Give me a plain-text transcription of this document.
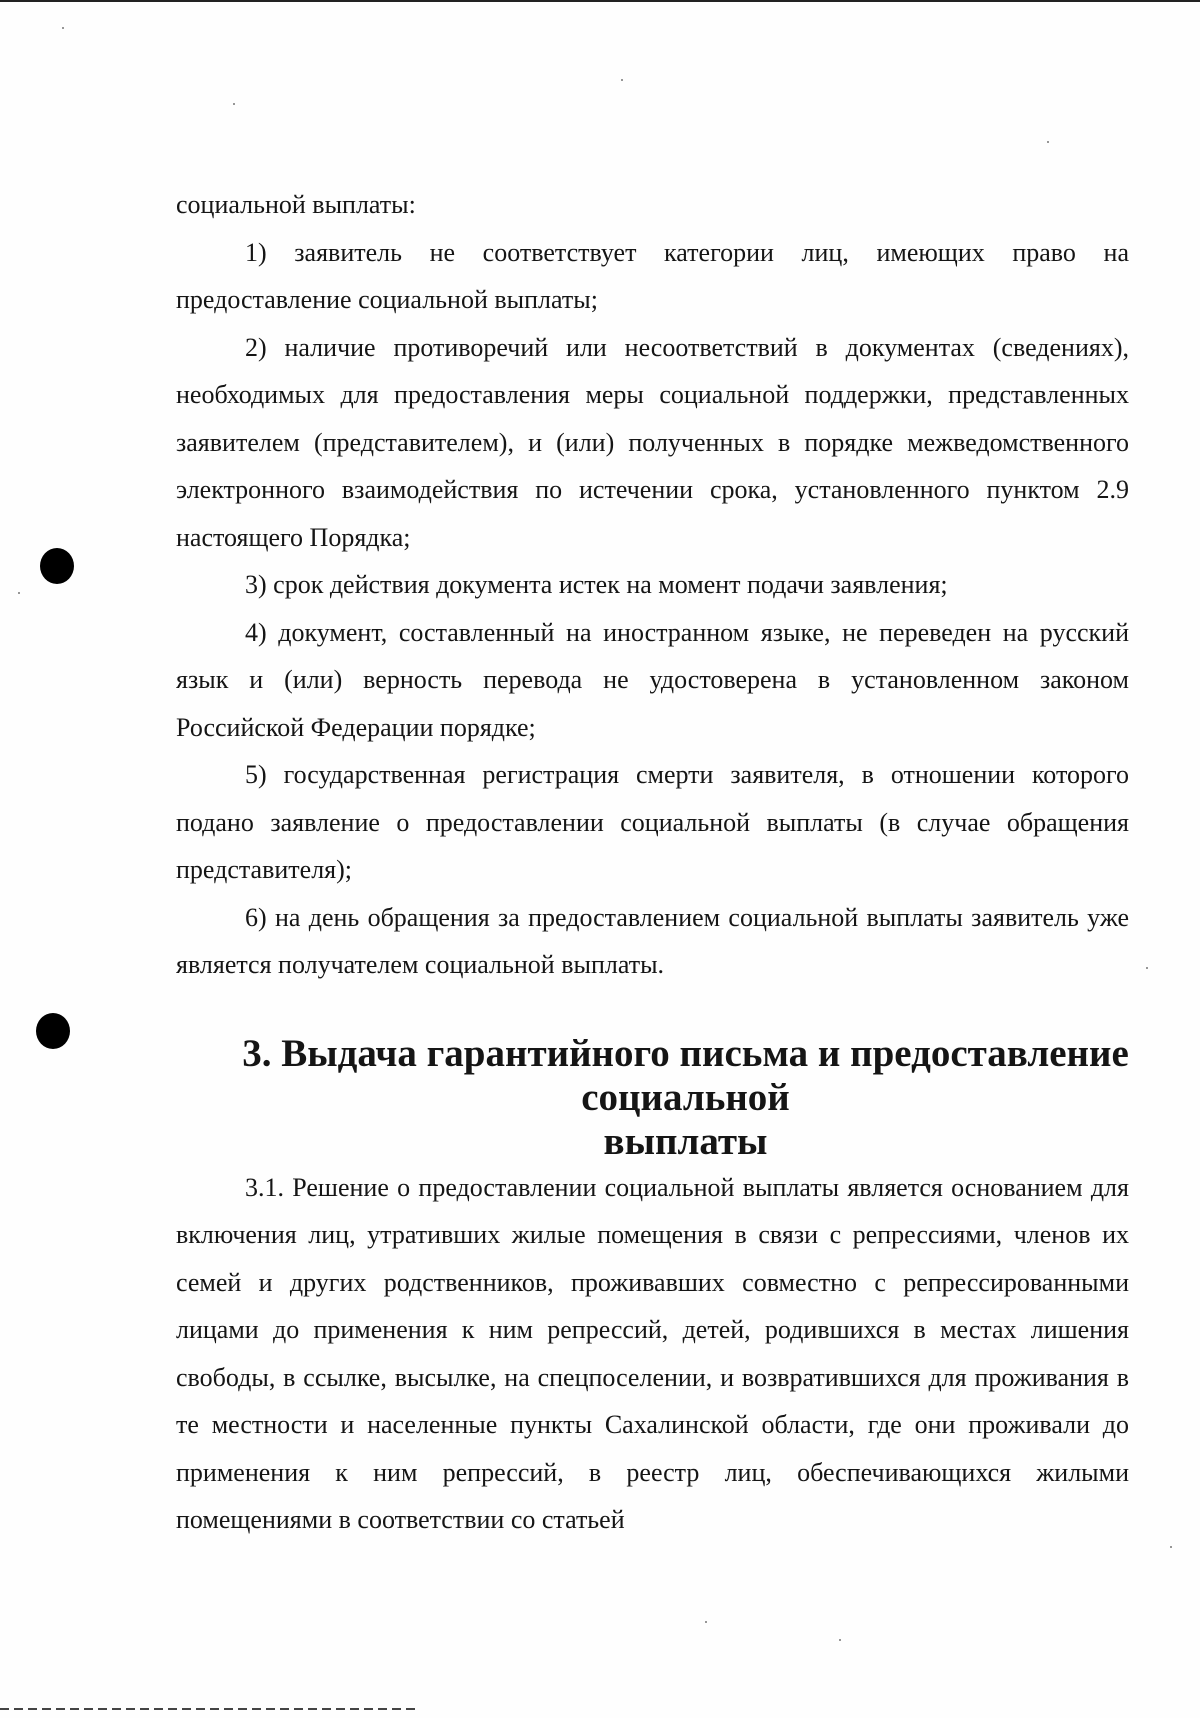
социальной выплаты:

1) заявитель не соответствует категории лиц, имеющих право на предоставление социальной выплаты;

2) наличие противоречий или несоответствий в документах (сведениях), необходимых для предоставления меры социальной поддержки, представленных заявителем (представителем), и (или) полученных в порядке межведомственного электронного взаимодействия по истечении срока, установленного пунктом 2.9 настоящего Порядка;

3) срок действия документа истек на момент подачи заявления;

4) документ, составленный на иностранном языке, не переведен на русский язык и (или) верность перевода не удостоверена в установленном законом Российской Федерации порядке;

5) государственная регистрация смерти заявителя, в отношении которого подано заявление о предоставлении социальной выплаты (в случае обращения представителя);

6) на день обращения за предоставлением социальной выплаты заявитель уже является получателем социальной выплаты.

3. Выдача гарантийного письма и предоставление социальной
выплаты

3.1. Решение о предоставлении социальной выплаты является основанием для включения лиц, утративших жилые помещения в связи с репрессиями, членов их семей и других родственников, проживавших совместно с репрессированными лицами до применения к ним репрессий, детей, родившихся в местах лишения свободы, в ссылке, высылке, на спецпоселении, и возвратившихся для проживания в те местности и населенные пункты Сахалинской области, где они проживали до применения к ним репрессий, в реестр лиц, обеспечивающихся жилыми помещениями в соответствии со статьей
